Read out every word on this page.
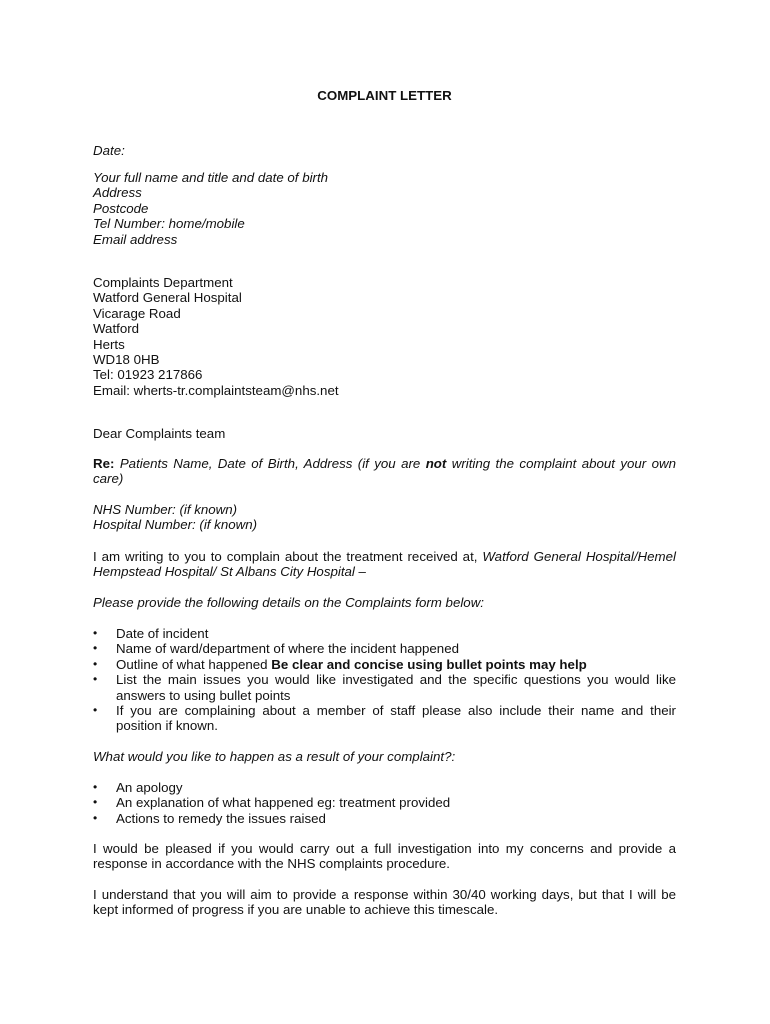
COMPLAINT LETTER

Date:

Your full name and title and date of birth
Address
Postcode
Tel Number: home/mobile
Email address
Complaints Department
Watford General Hospital
Vicarage Road
Watford
Herts
WD18 0HB
Tel: 01923 217866
Email: wherts-tr.complaintsteam@nhs.net

Dear Complaints team

Re: Patients Name, Date of Birth, Address (if you are not writing the complaint about your own care)

NHS Number: (if known)
Hospital Number: (if known)

I am writing to you to complain about the treatment received at, Watford General Hospital/Hemel Hempstead Hospital/ St Albans City Hospital –

Please provide the following details on the Complaints form below:

•	Date of incident
•	Name of ward/department of where the incident happened
•	Outline of what happened Be clear and concise using bullet points may help
•	List the main issues you would like investigated and the specific questions you would like answers to using bullet points
•	If you are complaining about a member of staff please also include their name and their position if known.

What would you like to happen as a result of your complaint?:

•	An apology
•	An explanation of what happened eg: treatment provided
•	Actions to remedy the issues raised

I would be pleased if you would carry out a full investigation into my concerns and provide a response in accordance with the NHS complaints procedure.

I understand that you will aim to provide a response within 30/40 working days, but that I will be kept informed of progress if you are unable to achieve this timescale.
